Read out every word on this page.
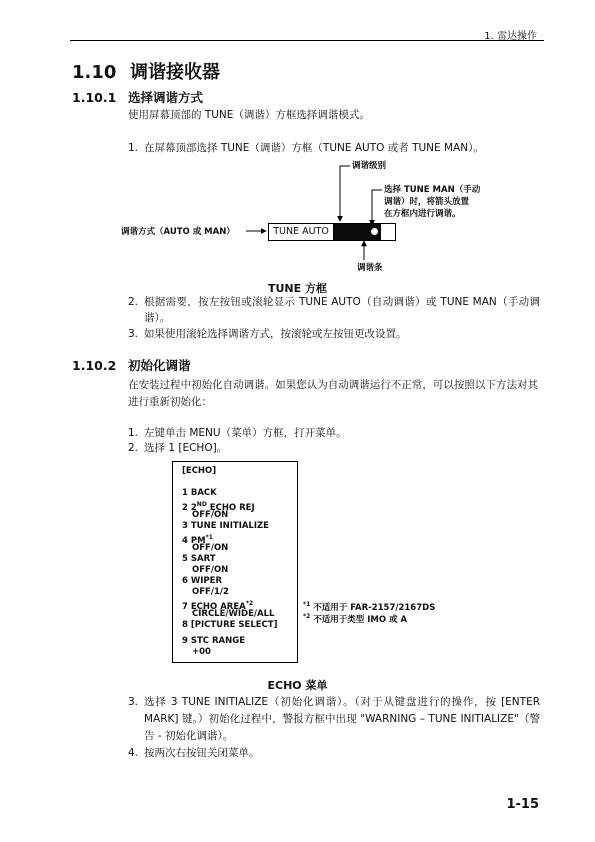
1. 雷达操作
1.10 调谐接收器
1.10.1 选择调谐方式
使用屏幕顶部的 TUNE（调谐）方框选择调谐模式。
1. 在屏幕顶部选择 TUNE（调谐）方框（TUNE AUTO 或者 TUNE MAN）。
调谐级别
选择 TUNE MAN（手动
调谐）时，将箭头放置
在方框内进行调谐。
调谐方式（AUTO 或 MAN）	TUNE AUTO
调谐条
TUNE 方框
2. 根据需要，按左按钮或滚轮显示 TUNE AUTO（自动调谐）或 TUNE MAN（手动调谐）。
3. 如果使用滚轮选择调谐方式，按滚轮或左按钮更改设置。
1.10.2 初始化调谐
在安装过程中初始化自动调谐。如果您认为自动调谐运行不正常，可以按照以下方法对其进行重新初始化：
1. 左键单击 MENU（菜单）方框，打开菜单。
2. 选择 1 [ECHO]。
[ECHO]
1 BACK
2 2ND ECHO REJ
OFF/ON
3 TUNE INITIALIZE
4 PM$^{*1}$
OFF/ON
5 SART
OFF/ON
6 WIPER
OFF/1/2
7 ECHO AREA$^{*2}$
CIRCLE/WIDE/ALL
8 [PICTURE SELECT]
9 STC RANGE
+00
$^{*1}$ 不适用于 FAR-2157/2167DS
$^{*2}$ 不适用于类型 IMO 或 A
ECHO 菜单
3. 选择 3 TUNE INITIALIZE（初始化调谐）。（对于从键盘进行的操作，按 [ENTER MARK] 键。）初始化过程中，警报方框中出现 "WARNING – TUNE INITIALIZE"（警告 - 初始化调谐）。
4. 按两次右按钮关闭菜单。
1-15
